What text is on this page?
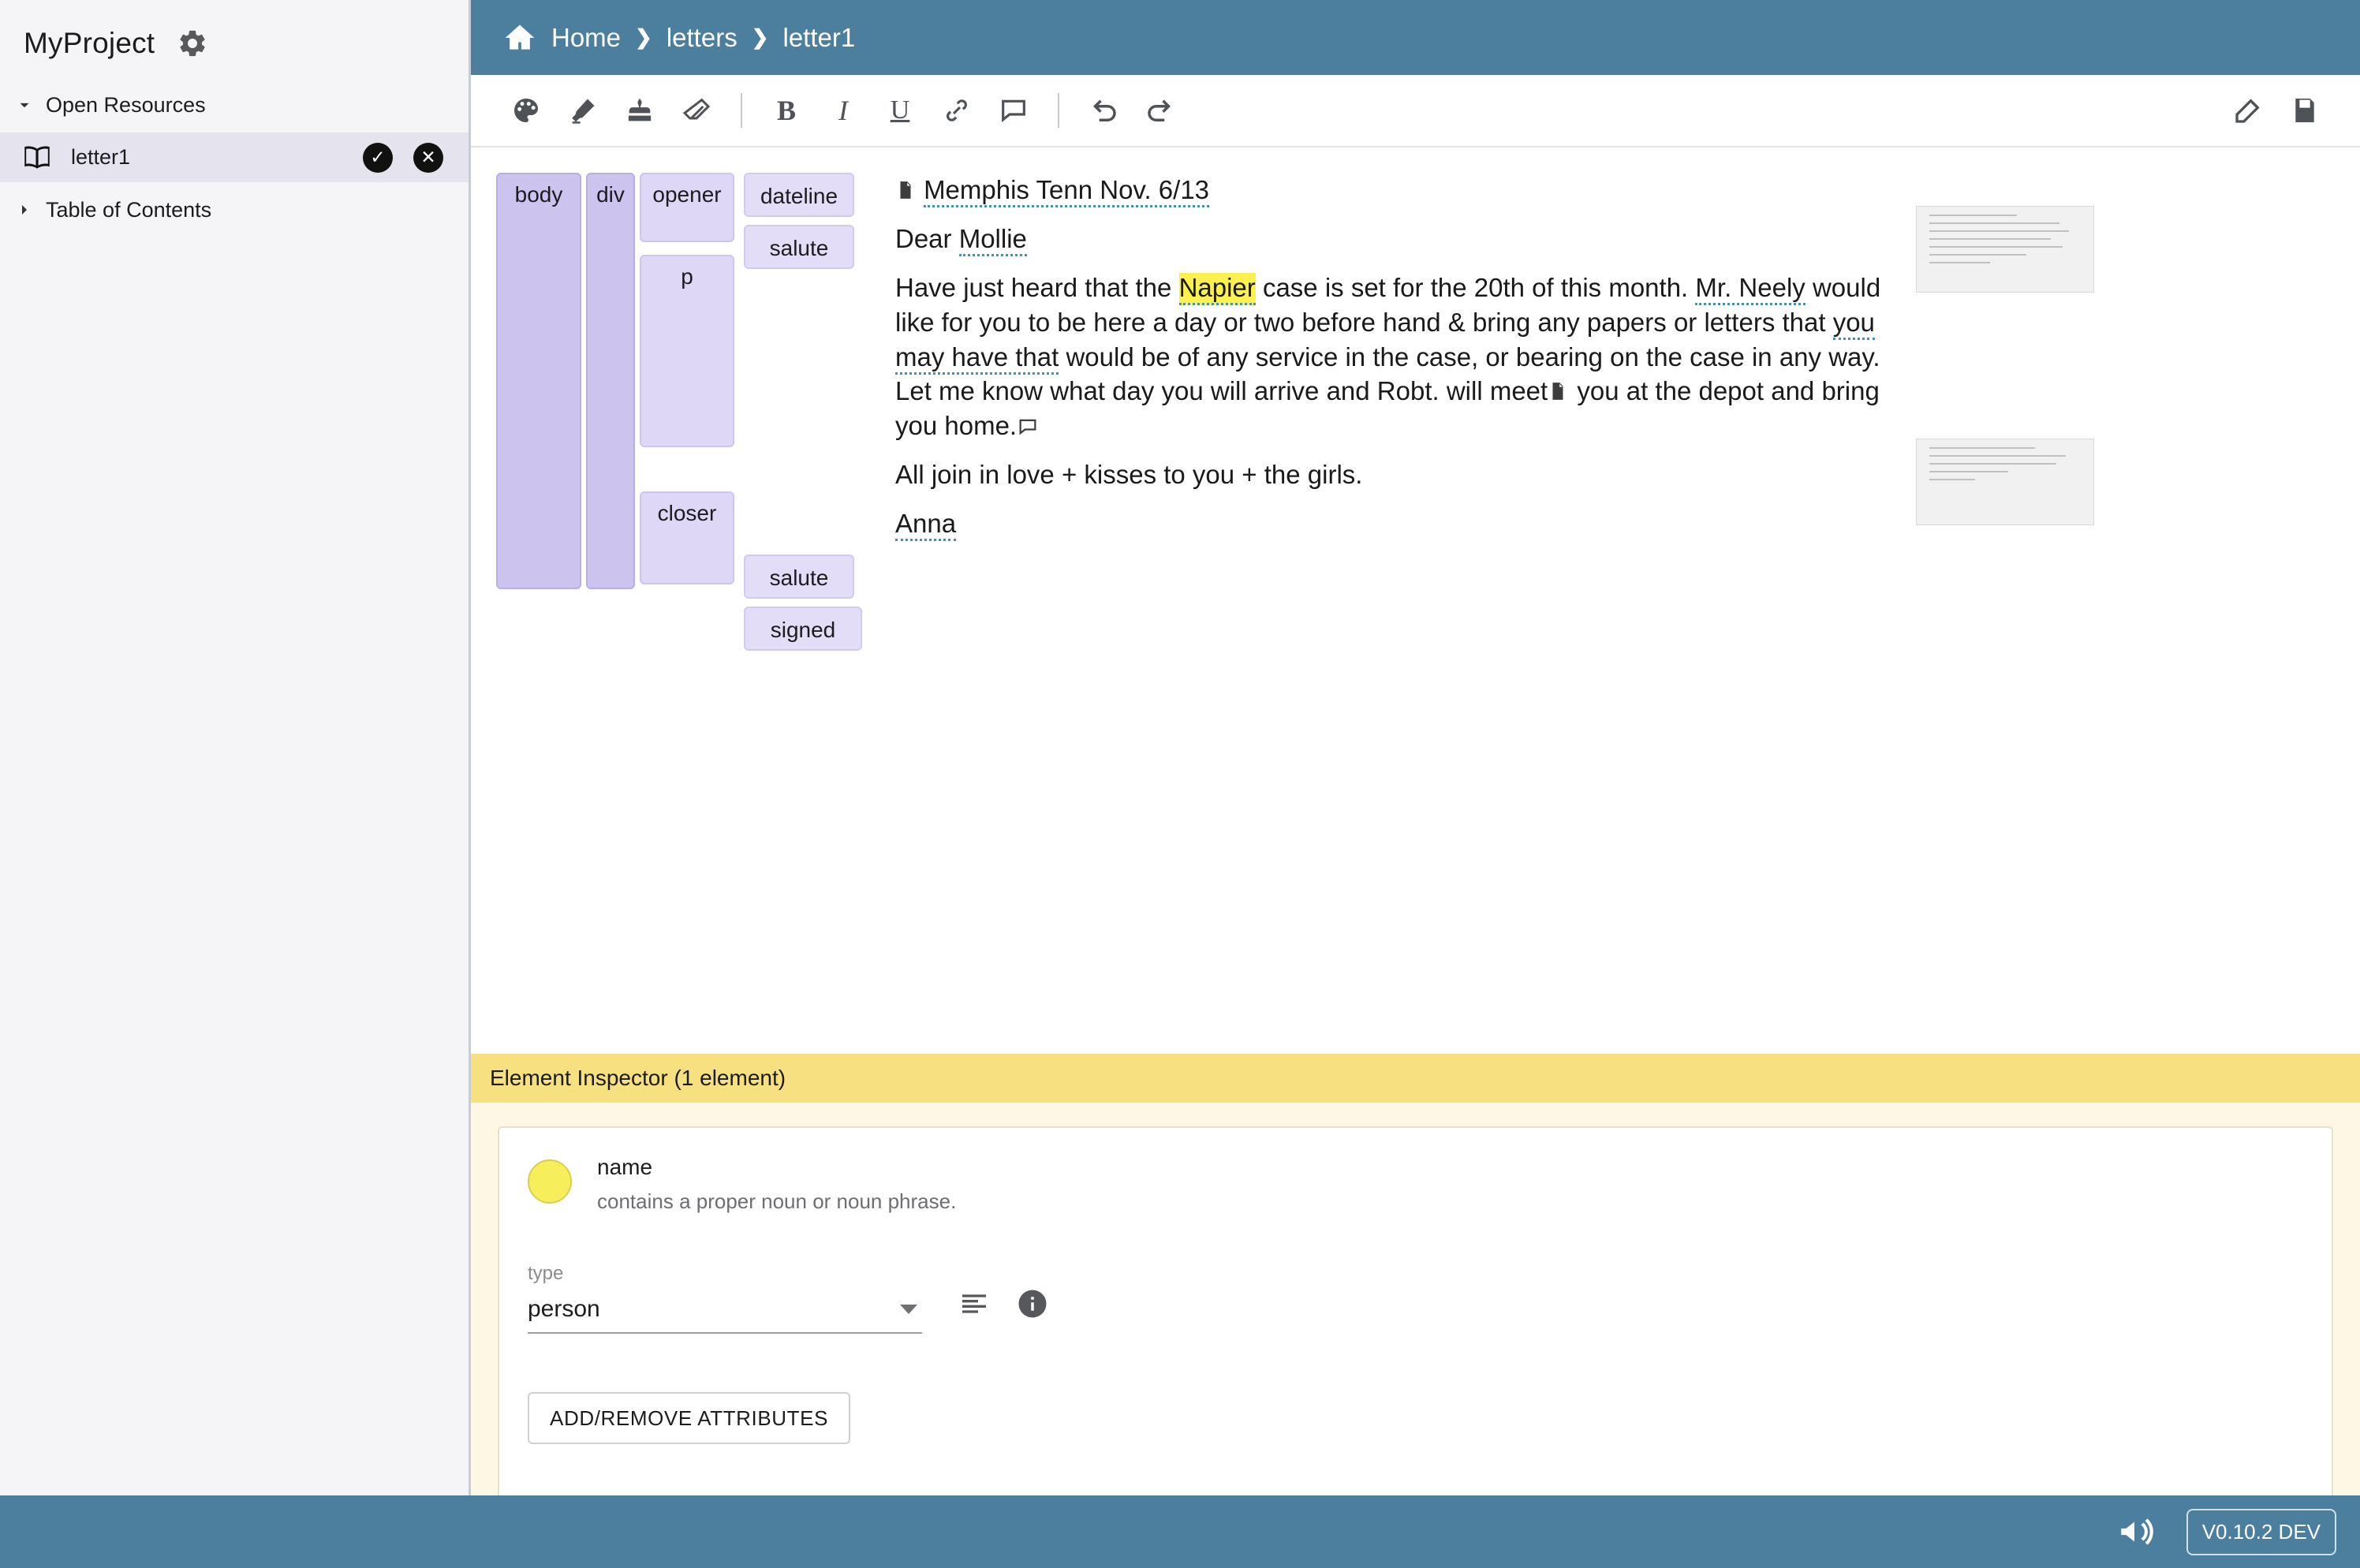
MyProject
Open Resources
letter1	✓	✕
Table of Contents
Search project...
Home ❯ letters ❯ letter1
B	I	U
body	div	opener
p
closer
dateline
salute
salute
signed

Memphis Tenn Nov. 6/13

Dear Mollie

Have just heard that the Napier case is set for the 20th of this month. Mr. Neely would like for you to be here a day or two before hand & bring any papers or letters that you may have that would be of any service in the case, or bearing on the case in any way. Let me know what day you will arrive and Robt. will meet you at the depot and bring you home.

All join in love + kisses to you + the girls.

Anna

Element Inspector (1 element)
name
contains a proper noun or noun phrase.
type
person
ADD/REMOVE ATTRIBUTES
V0.10.2 DEV
